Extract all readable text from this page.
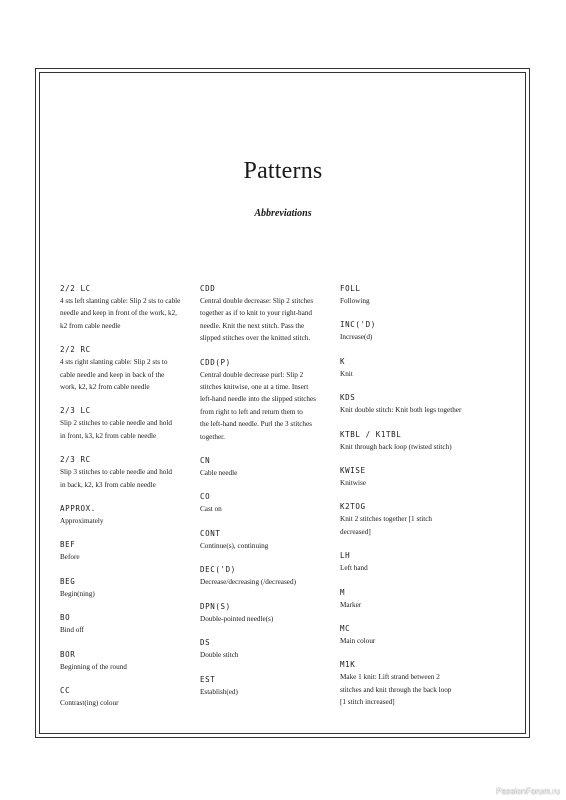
Patterns
Abbreviations
2/2 LC
4 sts left slanting cable: Slip 2 sts to cable
needle and keep in front of the work, k2,
k2 from cable needle
2/2 RC
4 sts right slanting cable: Slip 2 sts to
cable needle and keep in back of the
work, k2, k2 from cable needle
2/3 LC
Slip 2 stitches to cable needle and hold
in front, k3, k2 from cable needle
2/3 RC
Slip 3 stitches to cable needle and hold
in back, k2, k3 from cable needle
APPROX.
Approximately
BEF
Before
BEG
Begin(ning)
BO
Bind off
BOR
Beginning of the round
CC
Contrast(ing) colour
CDD
Central double decrease: Slip 2 stitches
together as if to knit to your right-hand
needle. Knit the next stitch. Pass the
slipped stitches over the knitted stitch.
CDD(P)
Central double decrease purl: Slip 2
stitches knitwise, one at a time. Insert
left-hand needle into the slipped stitches
from right to left and return them to
the left-hand needle. Purl the 3 stitches
together.
CN
Cable needle
CO
Cast on
CONT
Continue(s), continuing
DEC('D)
Decrease/decreasing (/decreased)
DPN(S)
Double-pointed needle(s)
DS
Double stitch
EST
Establish(ed)
FOLL
Following
INC('D)
Increase(d)
K
Knit
KDS
Knit double stitch: Knit both legs together
KTBL / K1TBL
Knit through back loop (twisted stitch)
KWISE
Knitwise
K2TOG
Knit 2 stitches together [1 stitch
decreased]
LH
Left hand
M
Marker
MC
Main colour
M1K
Make 1 knit: Lift strand between 2
stitches and knit through the back loop
[1 stitch increased]
PassionForum.ru
